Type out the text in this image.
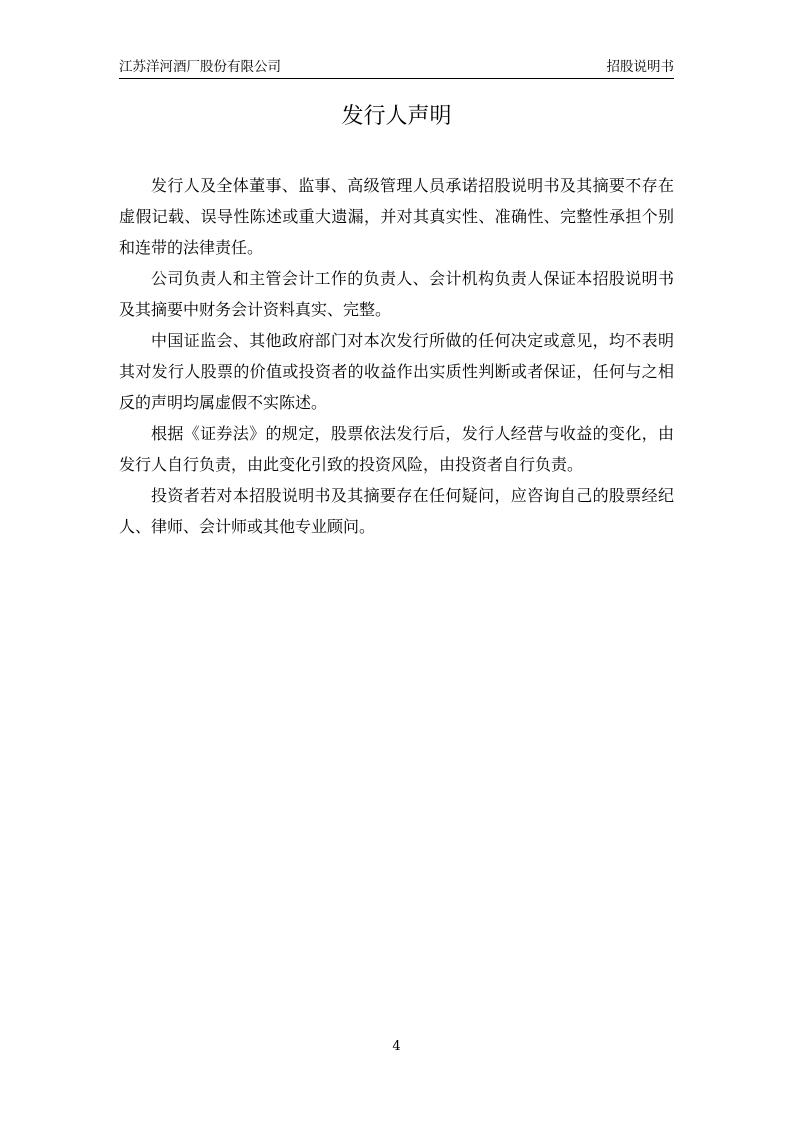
江苏洋河酒厂股份有限公司	招股说明书
发行人声明

发行人及全体董事、监事、高级管理人员承诺招股说明书及其摘要不存在虚假记载、误导性陈述或重大遗漏，并对其真实性、准确性、完整性承担个别和连带的法律责任。

公司负责人和主管会计工作的负责人、会计机构负责人保证本招股说明书及其摘要中财务会计资料真实、完整。

中国证监会、其他政府部门对本次发行所做的任何决定或意见，均不表明其对发行人股票的价值或投资者的收益作出实质性判断或者保证，任何与之相反的声明均属虚假不实陈述。

根据《证券法》的规定，股票依法发行后，发行人经营与收益的变化，由发行人自行负责，由此变化引致的投资风险，由投资者自行负责。

投资者若对本招股说明书及其摘要存在任何疑问，应咨询自己的股票经纪人、律师、会计师或其他专业顾问。

4
